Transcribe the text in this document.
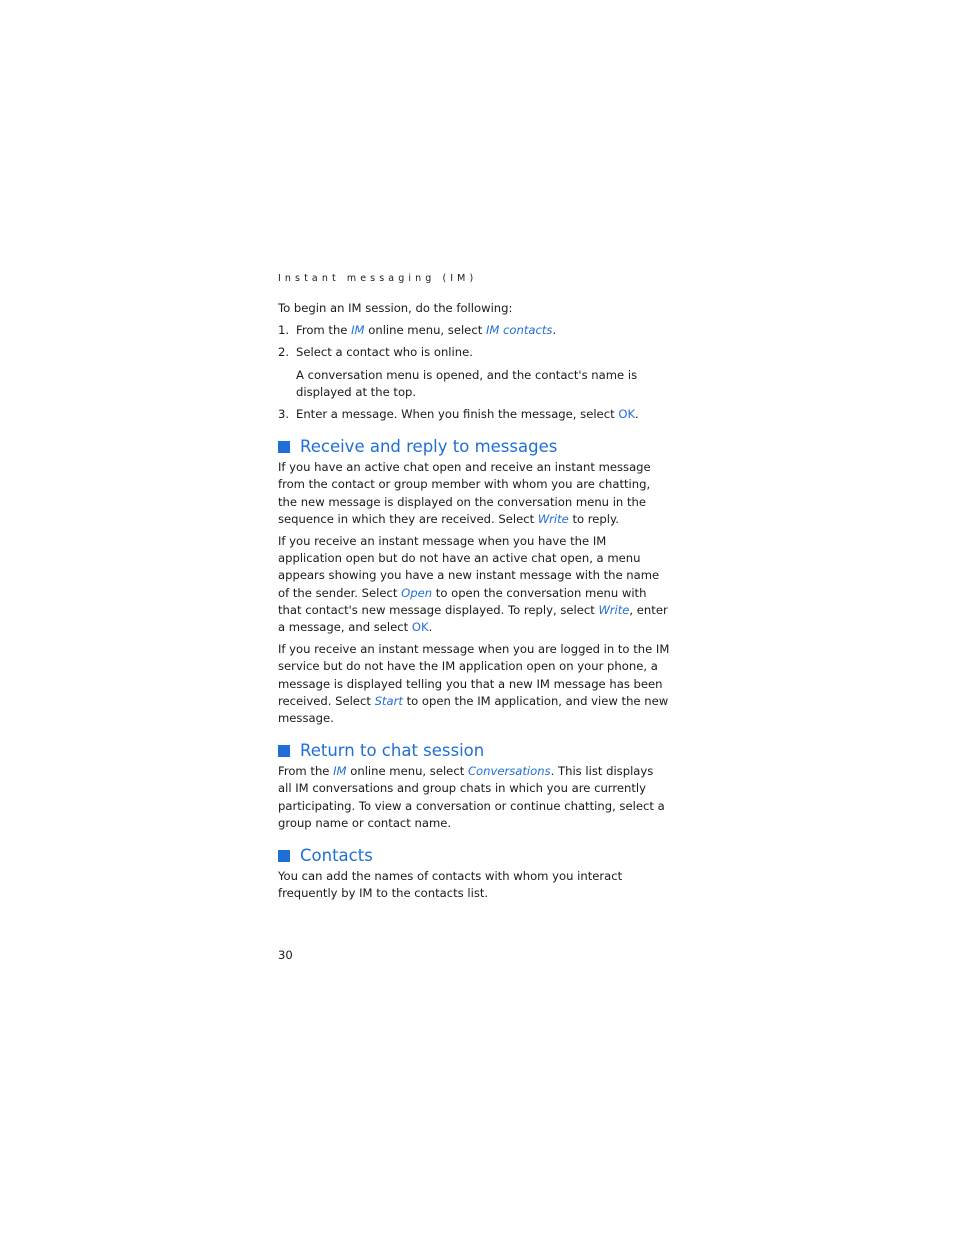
Instant messaging (IM)

To begin an IM session, do the following:

1. From the IM online menu, select IM contacts.
2. Select a contact who is online.

A conversation menu is opened, and the contact's name is displayed at the top.

3. Enter a message. When you finish the message, select OK.
Receive and reply to messages

If you have an active chat open and receive an instant message from the contact or group member with whom you are chatting, the new message is displayed on the conversation menu in the sequence in which they are received. Select Write to reply.

If you receive an instant message when you have the IM application open but do not have an active chat open, a menu appears showing you have a new instant message with the name of the sender. Select Open to open the conversation menu with that contact's new message displayed. To reply, select Write, enter a message, and select OK.

If you receive an instant message when you are logged in to the IM service but do not have the IM application open on your phone, a message is displayed telling you that a new IM message has been received. Select Start to open the IM application, and view the new message.

Return to chat session

From the IM online menu, select Conversations. This list displays all IM conversations and group chats in which you are currently participating. To view a conversation or continue chatting, select a group name or contact name.

Contacts

You can add the names of contacts with whom you interact frequently by IM to the contacts list.

30
